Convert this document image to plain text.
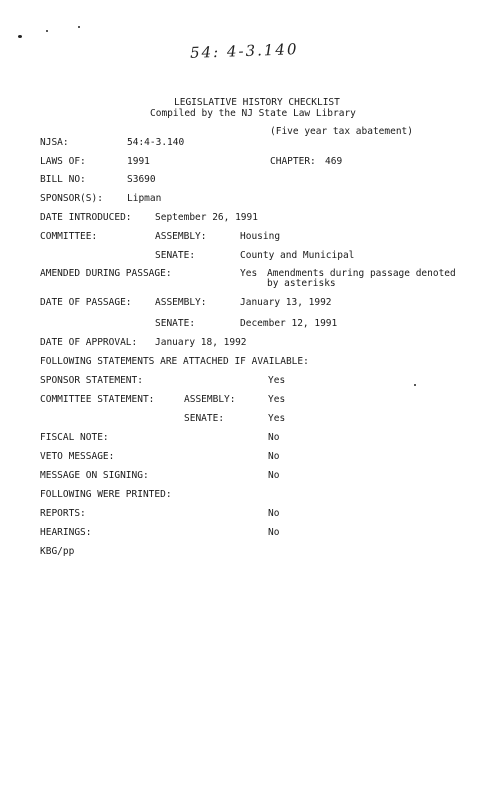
54: 4-3.140
LEGISLATIVE HISTORY CHECKLIST
Compiled by the NJ State Law Library
(Five year tax abatement)
NJSA:	54:4-3.140
LAWS OF:	1991	CHAPTER: 469
BILL NO:	S3690
SPONSOR(S):	Lipman
DATE INTRODUCED: September 26, 1991
COMMITTEE:	ASSEMBLY:	Housing
SENATE:	County and Municipal
AMENDED DURING PASSAGE:	Yes Amendments during passage denoted
by asterisks
DATE OF PASSAGE: ASSEMBLY:	January 13, 1992
SENATE:	December 12, 1991
DATE OF APPROVAL: January 18, 1992
FOLLOWING STATEMENTS ARE ATTACHED IF AVAILABLE:
SPONSOR STATEMENT:	Yes
COMMITTEE STATEMENT:	ASSEMBLY:	Yes
SENATE:	Yes
FISCAL NOTE:	No
VETO MESSAGE:	No
MESSAGE ON SIGNING:	No
FOLLOWING WERE PRINTED:
REPORTS:	No
HEARINGS:	No
KBG/pp
